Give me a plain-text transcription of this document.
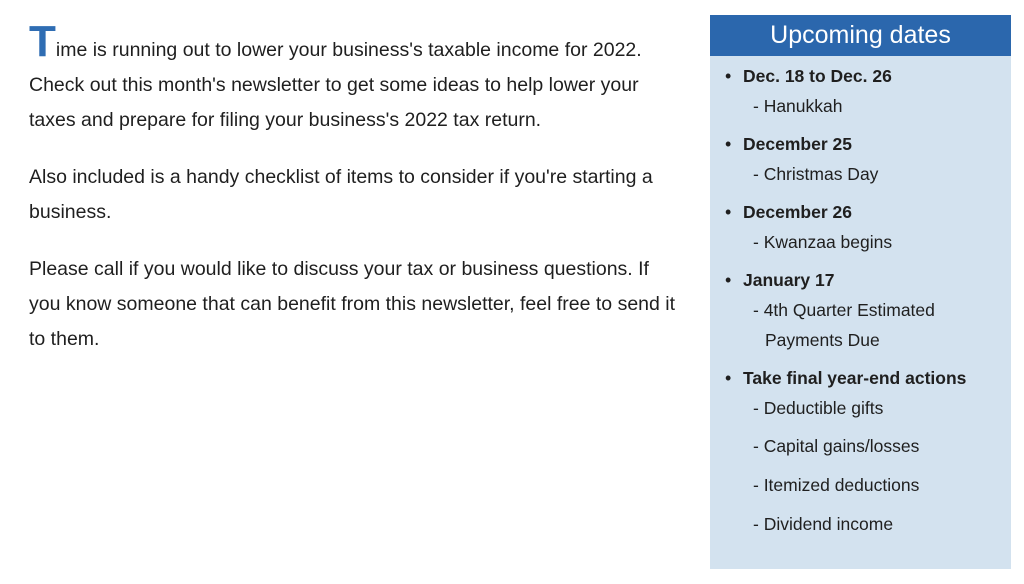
Time is running out to lower your business's taxable income for 2022. Check out this month's newsletter to get some ideas to help lower your taxes and prepare for filing your business's 2022 tax return.

Also included is a handy checklist of items to consider if you're starting a business.

Please call if you would like to discuss your tax or business questions. If you know someone that can benefit from this newsletter, feel free to send it to them.

Upcoming dates
• Dec. 18 to Dec. 26
- Hanukkah
• December 25
- Christmas Day
• December 26
- Kwanzaa begins
• January 17
- 4th Quarter Estimated Payments Due
• Take final year-end actions
- Deductible gifts
- Capital gains/losses
- Itemized deductions
- Dividend income
